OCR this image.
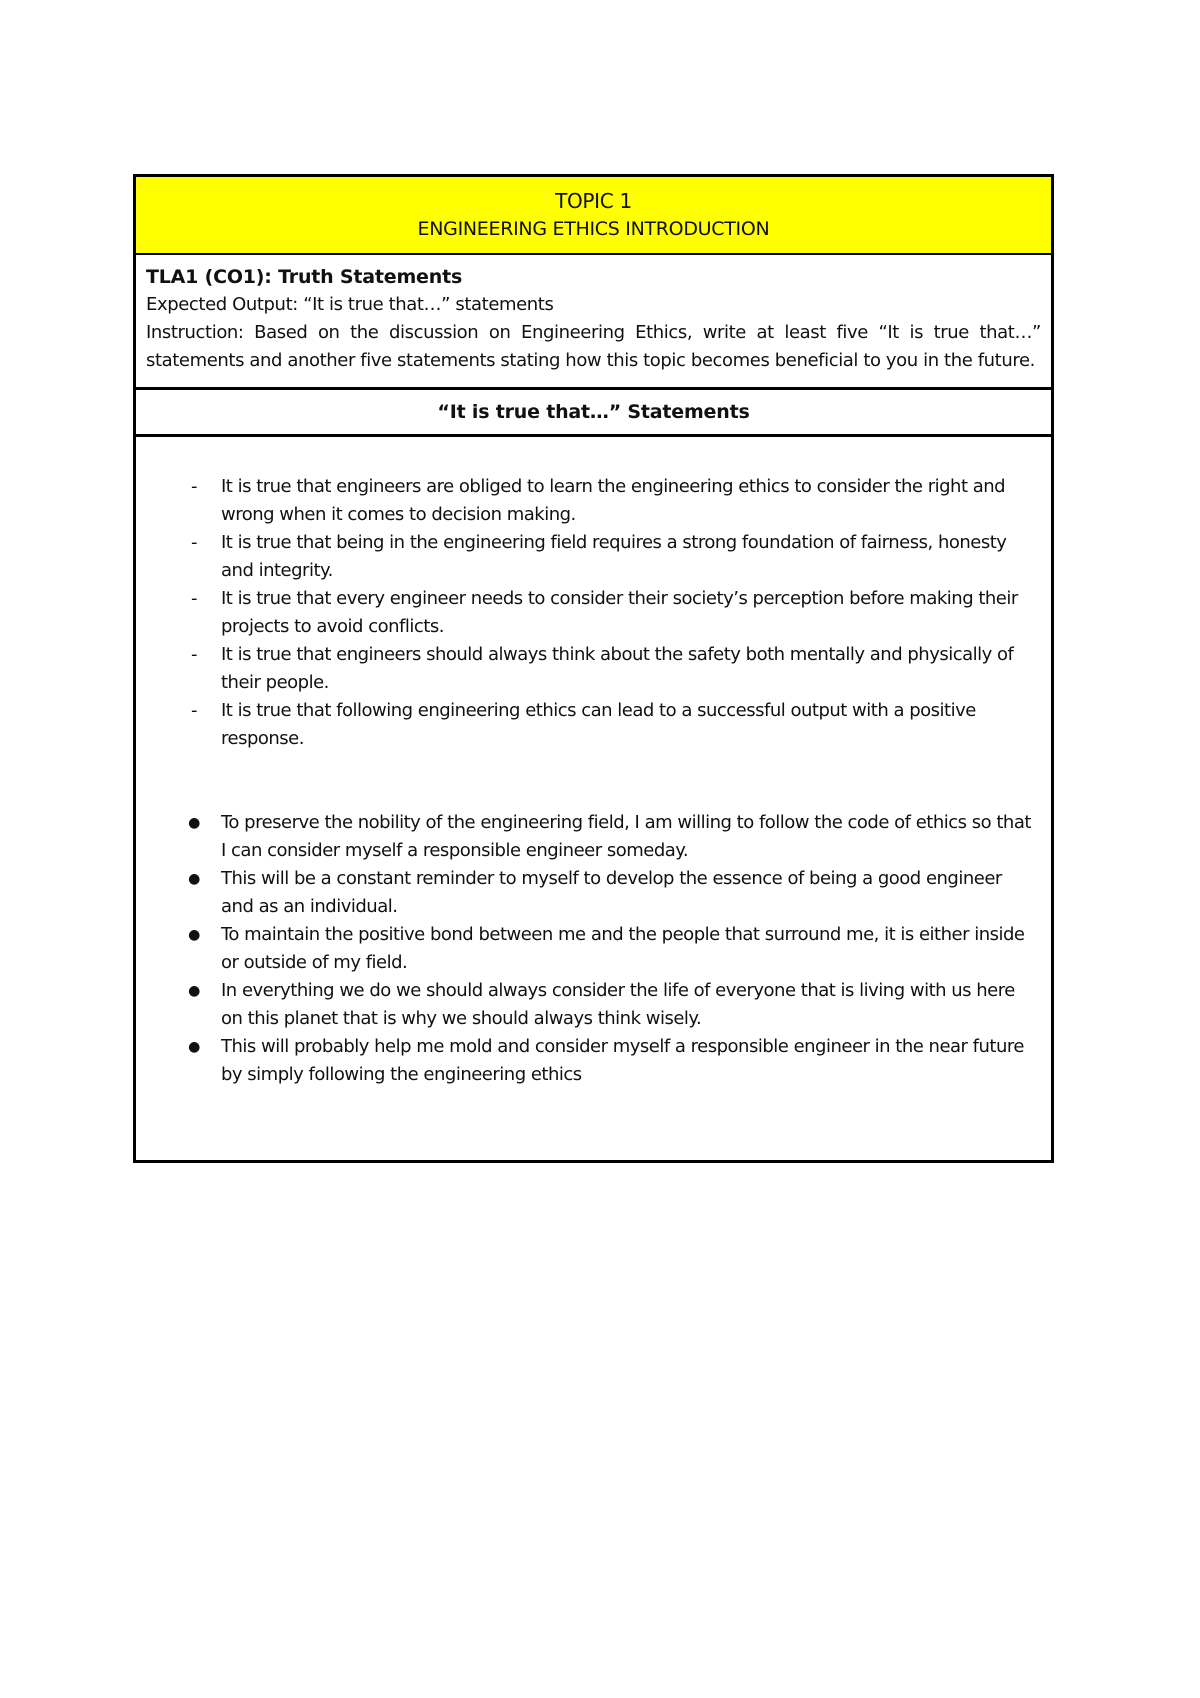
TOPIC 1
ENGINEERING ETHICS INTRODUCTION
TLA1 (CO1): Truth Statements
Expected Output: “It is true that…” statements
Instruction: Based on the discussion on Engineering Ethics, write at least five “It is true that…” statements and another five statements stating how this topic becomes beneficial to you in the future.
“It is true that…” Statements
-	It is true that engineers are obliged to learn the engineering ethics to consider the right and wrong when it comes to decision making.
-	It is true that being in the engineering field requires a strong foundation of fairness, honesty and integrity.
-	It is true that every engineer needs to consider their society’s perception before making their projects to avoid conflicts.
-	It is true that engineers should always think about the safety both mentally and physically of their people.
-	It is true that following engineering ethics can lead to a successful output with a positive response.
● To preserve the nobility of the engineering field, I am willing to follow the code of ethics so that I can consider myself a responsible engineer someday.
● This will be a constant reminder to myself to develop the essence of being a good engineer and as an individual.
● To maintain the positive bond between me and the people that surround me, it is either inside or outside of my field.
● In everything we do we should always consider the life of everyone that is living with us here on this planet that is why we should always think wisely.
● This will probably help me mold and consider myself a responsible engineer in the near future by simply following the engineering ethics
